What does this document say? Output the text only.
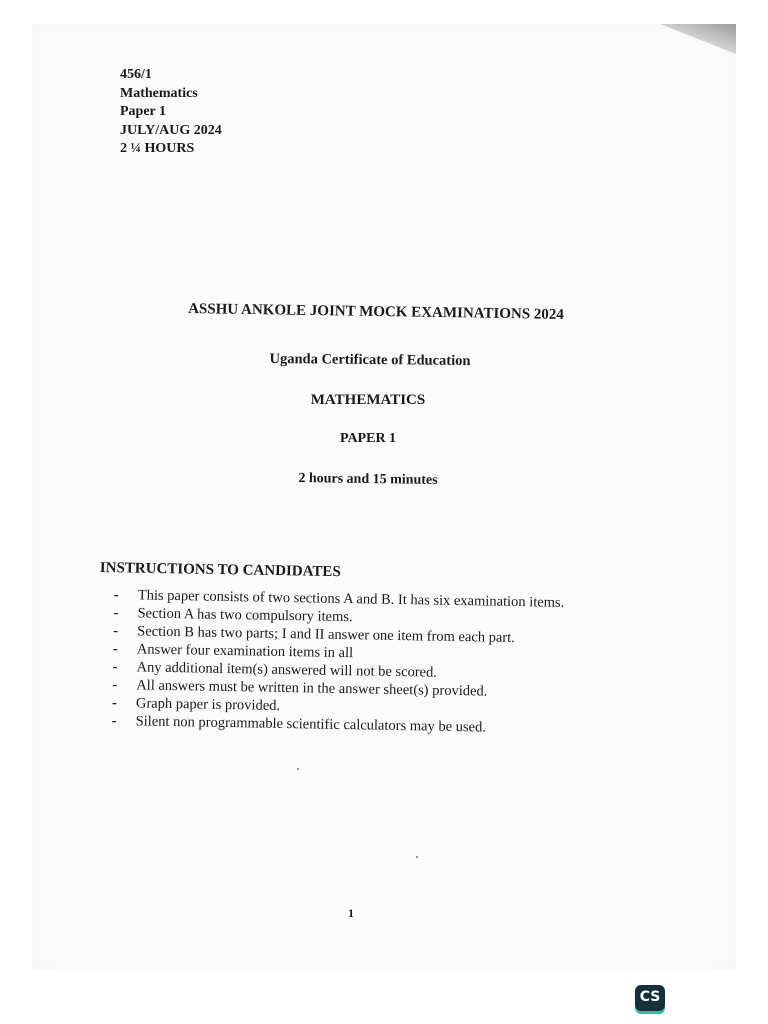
456/1
Mathematics
Paper 1
JULY/AUG 2024
2 ¼ HOURS
ASSHU ANKOLE JOINT MOCK EXAMINATIONS 2024
Uganda Certificate of Education
MATHEMATICS
PAPER 1
2 hours and 15 minutes
INSTRUCTIONS TO CANDIDATES
- This paper consists of two sections A and B. It has six examination items.
- Section A has two compulsory items.
- Section B has two parts; I and II answer one item from each part.
- Answer four examination items in all
- Any additional item(s) answered will not be scored.
- All answers must be written in the answer sheet(s) provided.
- Graph paper is provided.
- Silent non programmable scientific calculators may be used.
1
CS
